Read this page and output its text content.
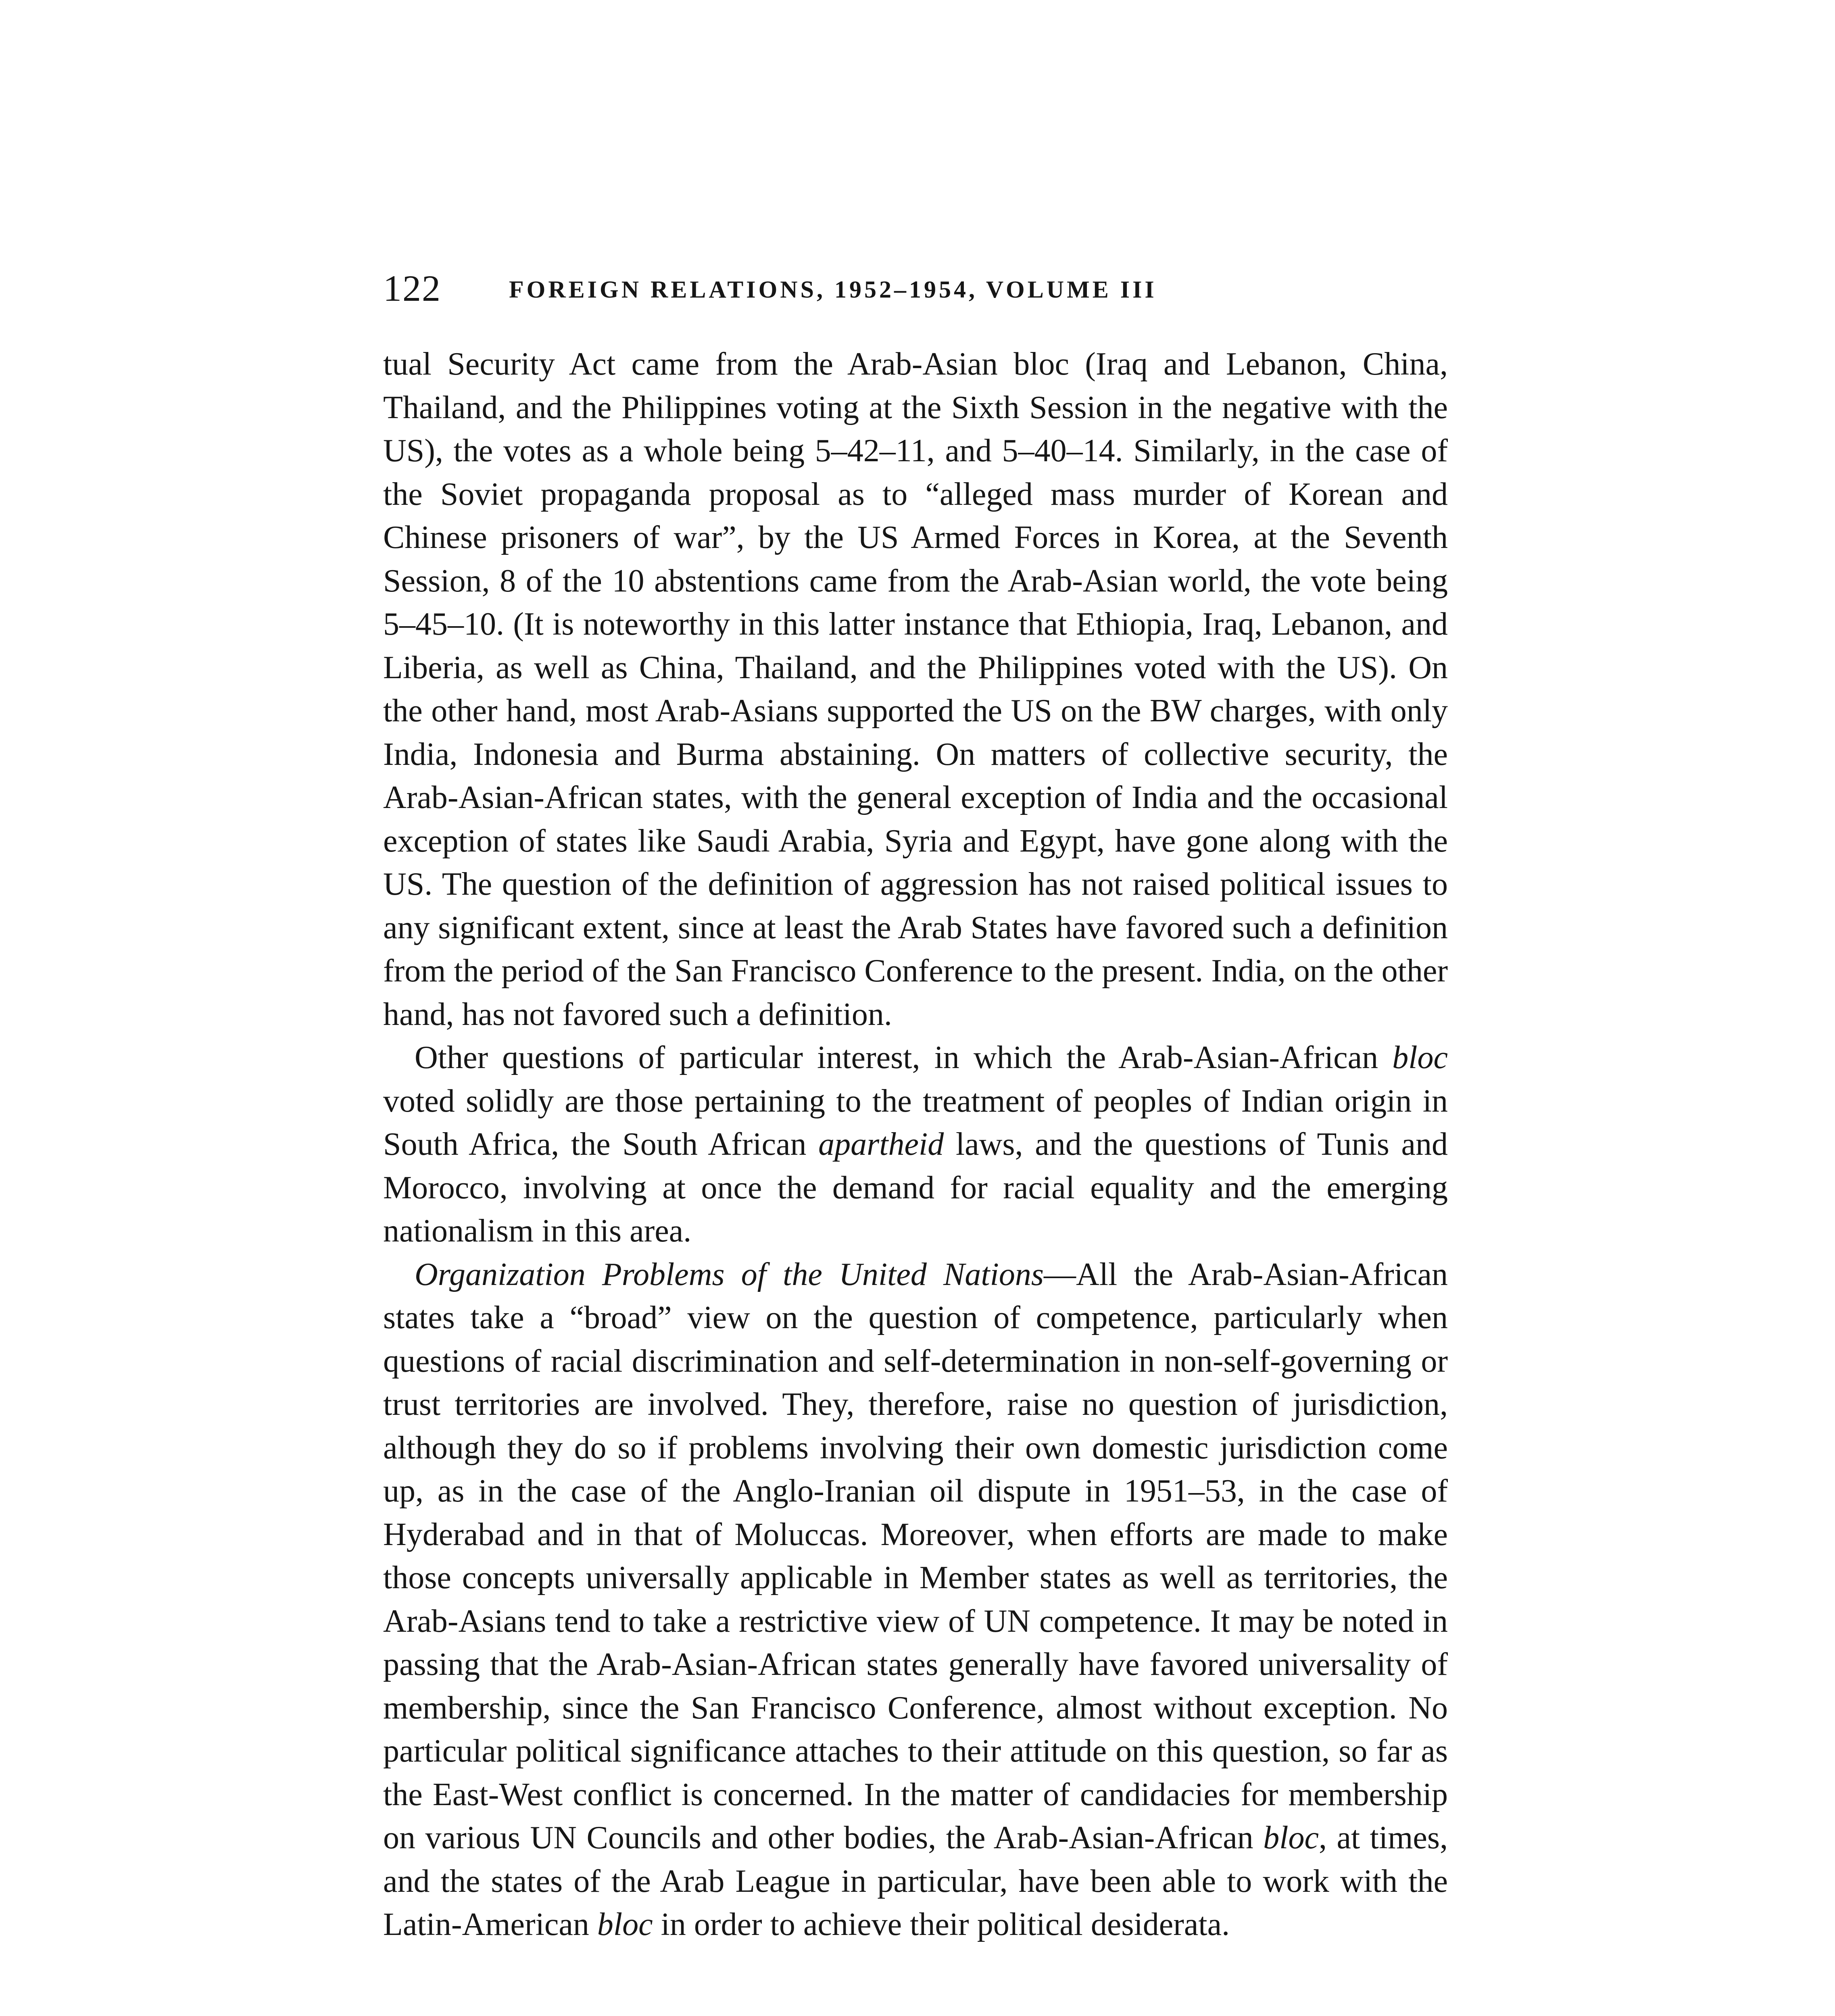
122	FOREIGN RELATIONS, 1952–1954, VOLUME III

tual Security Act came from the Arab-Asian bloc (Iraq and Lebanon, China, Thailand, and the Philippines voting at the Sixth Session in the negative with the US), the votes as a whole being 5–42–11, and 5–40–14. Similarly, in the case of the Soviet propaganda proposal as to “alleged mass murder of Korean and Chinese prisoners of war”, by the US Armed Forces in Korea, at the Seventh Session, 8 of the 10 abstentions came from the Arab-Asian world, the vote being 5–45–10. (It is noteworthy in this latter instance that Ethiopia, Iraq, Lebanon, and Liberia, as well as China, Thailand, and the Philippines voted with the US). On the other hand, most Arab-Asians supported the US on the BW charges, with only India, Indonesia and Burma abstaining. On matters of collective security, the Arab-Asian-African states, with the general exception of India and the occasional exception of states like Saudi Arabia, Syria and Egypt, have gone along with the US. The question of the definition of aggression has not raised political issues to any significant extent, since at least the Arab States have favored such a definition from the period of the San Francisco Conference to the present. India, on the other hand, has not favored such a definition.

Other questions of particular interest, in which the Arab-Asian-African bloc voted solidly are those pertaining to the treatment of peoples of Indian origin in South Africa, the South African apartheid laws, and the questions of Tunis and Morocco, involving at once the demand for racial equality and the emerging nationalism in this area.

Organization Problems of the United Nations—All the Arab-Asian-African states take a “broad” view on the question of competence, particularly when questions of racial discrimination and self-determination in non-self-governing or trust territories are involved. They, therefore, raise no question of jurisdiction, although they do so if problems involving their own domestic jurisdiction come up, as in the case of the Anglo-Iranian oil dispute in 1951–53, in the case of Hyderabad and in that of Moluccas. Moreover, when efforts are made to make those concepts universally applicable in Member states as well as territories, the Arab-Asians tend to take a restrictive view of UN competence. It may be noted in passing that the Arab-Asian-African states generally have favored universality of membership, since the San Francisco Conference, almost without exception. No particular political significance attaches to their attitude on this question, so far as the East-West conflict is concerned. In the matter of candidacies for membership on various UN Councils and other bodies, the Arab-Asian-African bloc, at times, and the states of the Arab League in particular, have been able to work with the Latin-American bloc in order to achieve their political desiderata.
